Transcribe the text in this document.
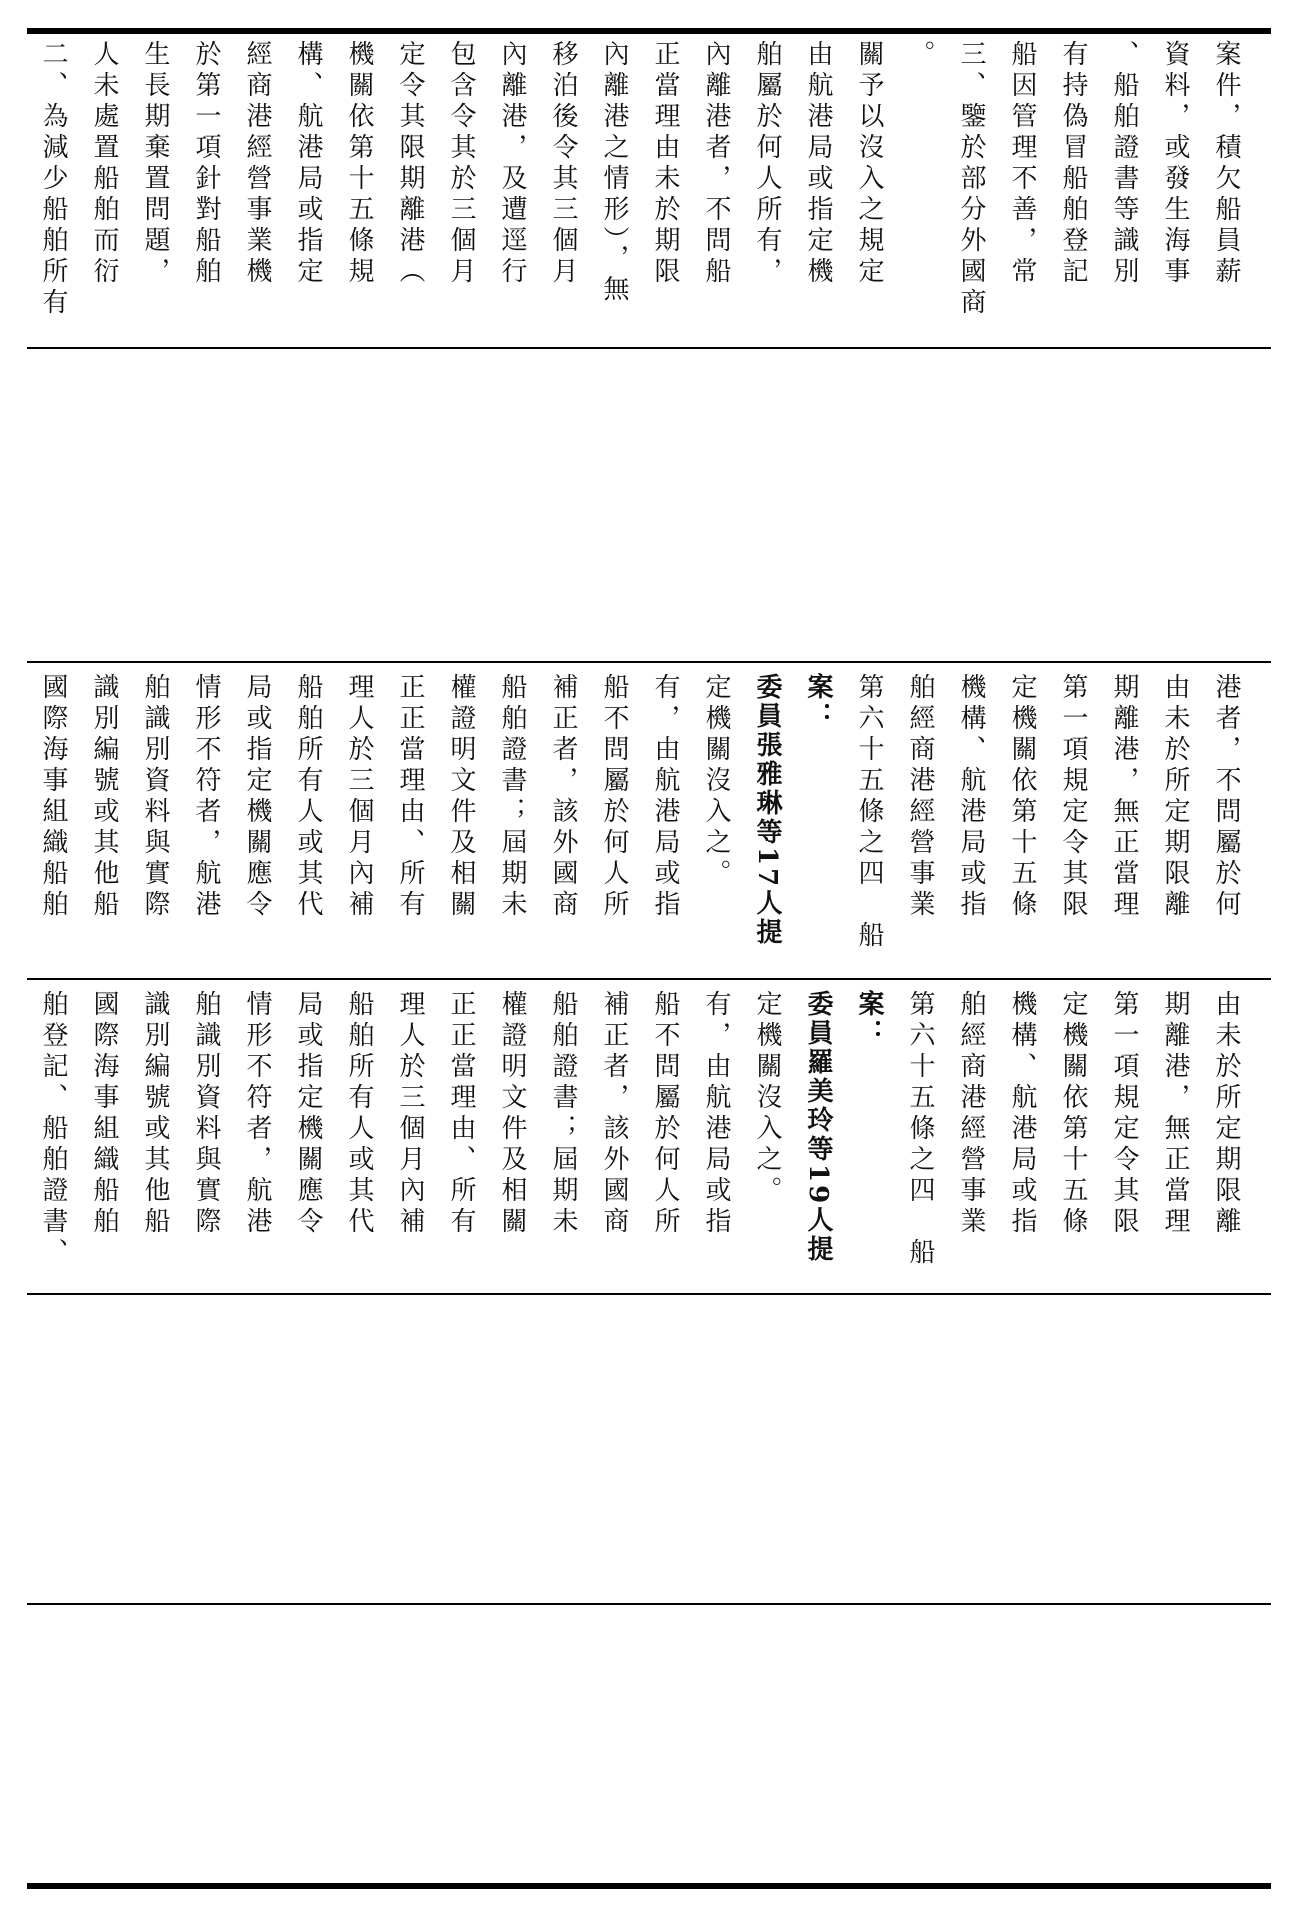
二、為減少船舶所有 人未處置船舶而衍 生長期棄置問題， 於第一項針對船舶 經商港經營事業機 構、航港局或指定 機關依第十五條規 定令其限期離港（ 包含令其於三個月 內離港，及遭逕行 移泊後令其三個月 內離港之情形），無 正當理由未於期限 內離港者，不問船 舶屬於何人所有， 由航港局或指定機 關予以沒入之規定 。 三、鑒於部分外國商 船因管理不善，常 有持偽冒船舶登記 、船舶證書等識別 資料，或發生海事 案件，積欠船員薪
國際海事組織船舶 識別編號或其他船 舶識別資料與實際 情形不符者，航港 局或指定機關應令 船舶所有人或其代 理人於三個月內補 正正當理由、所有 權證明文件及相關 船舶證書；屆期未 補正者，該外國商 船不問屬於何人所 有，由航港局或指 定機關沒入之。 委員張雅琳等17人提 案： 第六十五條之四　船 舶經商港經營事業 機構、航港局或指 定機關依第十五條 第一項規定令其限 期離港，無正當理 由未於所定期限離 港者，不問屬於何
舶登記、船舶證書、 國際海事組織船舶 識別編號或其他船 舶識別資料與實際 情形不符者，航港 局或指定機關應令 船舶所有人或其代 理人於三個月內補 正正當理由、所有 權證明文件及相關 船舶證書；屆期未 補正者，該外國商 船不問屬於何人所 有，由航港局或指 定機關沒入之。 委員羅美玲等19人提 案： 第六十五條之四　船 舶經商港經營事業 機構、航港局或指 定機關依第十五條 第一項規定令其限 期離港，無正當理 由未於所定期限離
